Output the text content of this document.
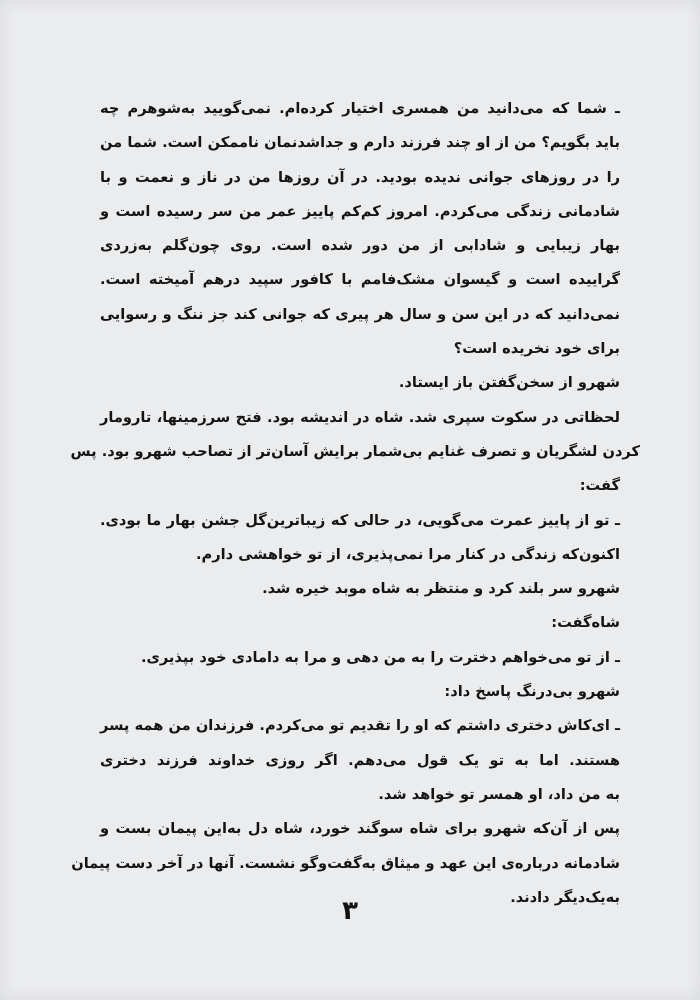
ـ شما که می‌دانید من همسری اختیار کرده‌ام. نمی‌گویید به‌شوهرم چه
باید بگویم؟ من از او چند فرزند دارم و جداشدنمان ناممکن است. شما من
را در روزهای جوانی ندیده بودید. در آن روزها من در ناز و نعمت و با
شادمانی زندگی می‌کردم. امروز کم‌کم پاییز عمر من سر رسیده است و
بهار زیبایی و شادابی از من دور شده است. روی چون‌گلم به‌زردی
گراییده است و گیسوان مشک‌فامم با کافور سپید درهم آمیخته است.
نمی‌دانید که در این سن و سال هر پیری که جوانی کند جز ننگ و رسوایی
برای خود نخریده است؟
شهرو از سخن‌گفتن باز ایستاد.
لحظاتی در سکوت سپری شد. شاه در اندیشه بود. فتح سرزمینها، تارومار
کردن لشگریان و تصرف غنایم بی‌شمار برایش آسان‌تر از تصاحب شهرو بود. پس
گفت:
ـ تو از پاییز عمرت می‌گویی، در حالی که زیباترین‌گل جشن بهار ما بودی.
اکنون‌که زندگی در کنار مرا نمی‌پذیری، از تو خواهشی دارم.
شهرو سر بلند کرد و منتظر به شاه موبد خیره شد.
شاه‌گفت:
ـ از تو می‌خواهم دخترت را به من دهی و مرا به دامادی خود بپذیری.
شهرو بی‌درنگ پاسخ داد:
ـ ای‌کاش دختری داشتم که او را تقدیم تو می‌کردم. فرزندان من همه پسر
هستند. اما به تو یک قول می‌دهم. اگر روزی خداوند فرزند دختری
به من داد، او همسر تو خواهد شد.
پس از آن‌که شهرو برای شاه سوگند خورد، شاه دل به‌این پیمان بست و
شادمانه درباره‌ی این عهد و میثاق به‌گفت‌وگو نشست. آنها در آخر دست پیمان
به‌یک‌دیگر دادند.
۳
